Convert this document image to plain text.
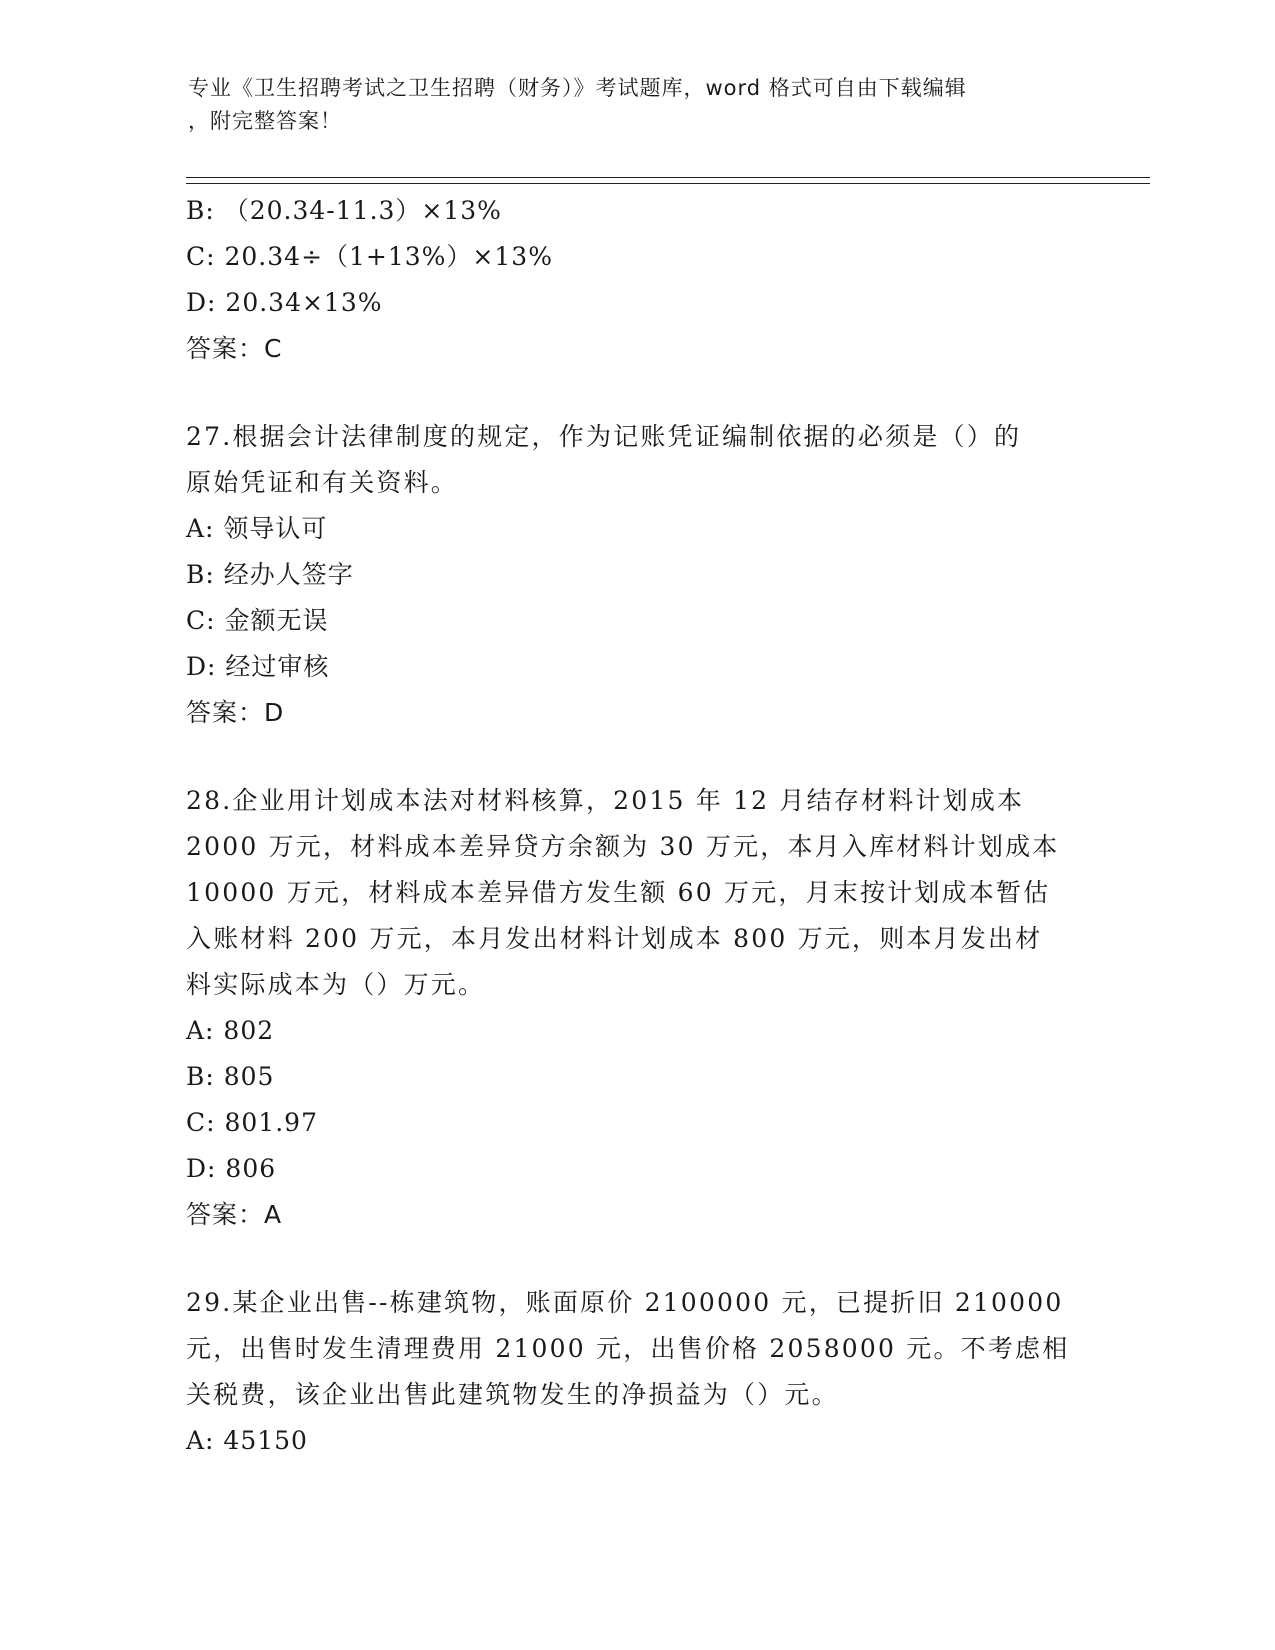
专业《卫生招聘考试之卫生招聘（财务）》考试题库，word 格式可自由下载编辑
，附完整答案！
B: （20.34-11.3）×13%
C: 20.34÷（1+13%）×13%
D: 20.34×13%
答案：C
27.根据会计法律制度的规定，作为记账凭证编制依据的必须是（）的
原始凭证和有关资料。
A: 领导认可
B: 经办人签字
C: 金额无误
D: 经过审核
答案：D
28.企业用计划成本法对材料核算，2015 年 12 月结存材料计划成本
2000 万元，材料成本差异贷方余额为 30 万元，本月入库材料计划成本
10000 万元，材料成本差异借方发生额 60 万元，月末按计划成本暂估
入账材料 200 万元，本月发出材料计划成本 800 万元，则本月发出材
料实际成本为（）万元。
A: 802
B: 805
C: 801.97
D: 806
答案：A
29.某企业出售--栋建筑物，账面原价 2100000 元，已提折旧 210000
元，出售时发生清理费用 21000 元，出售价格 2058000 元。不考虑相
关税费，该企业出售此建筑物发生的净损益为（）元。
A: 45150
